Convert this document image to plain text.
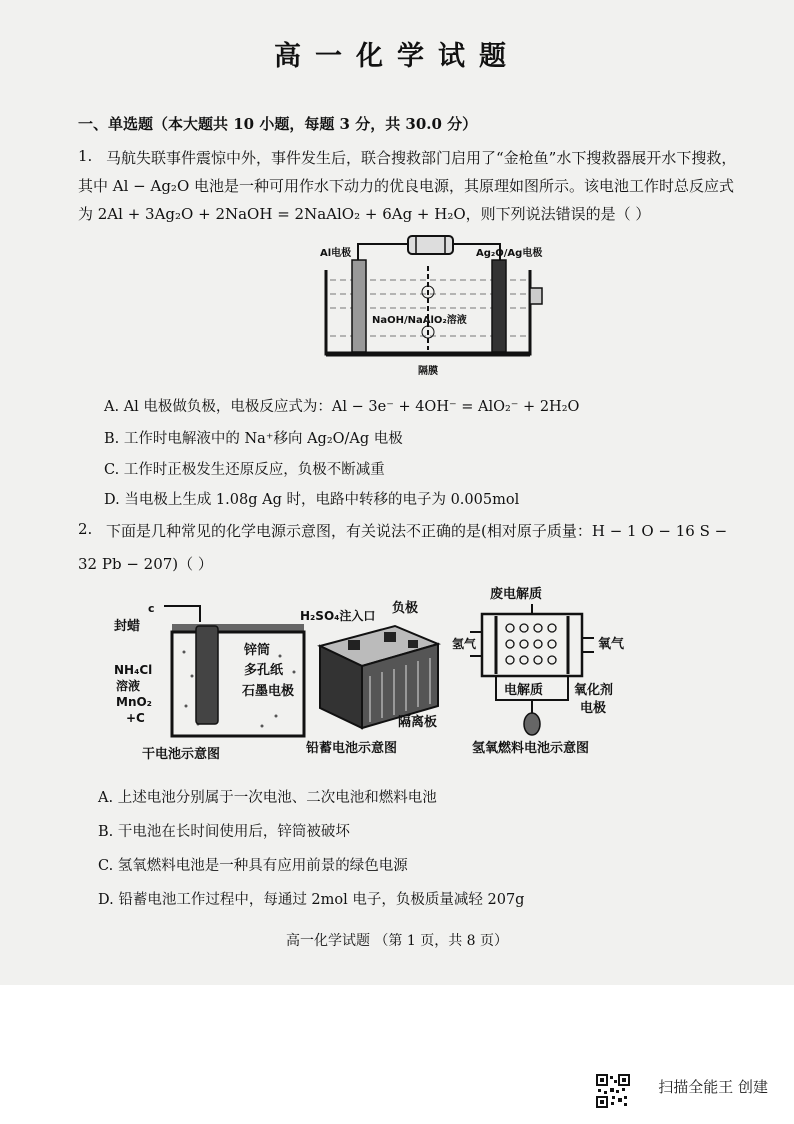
高一化学试题
一、单选题（本大题共 10 小题，每题 3 分，共 30.0 分）
1. 马航失联事件震惊中外，事件发生后，联合搜救部门启用了“金枪鱼”水下搜救器展开水下搜救，
其中 Al − Ag₂O 电池是一种可用作水下动力的优良电源，其原理如图所示。该电池工作时总反应式
为 2Al + 3Ag₂O + 2NaOH = 2NaAlO₂ + 6Ag + H₂O，则下列说法错误的是（ ）
Al电极	Ag₂O/Ag电极
NaOH/NaAlO₂溶液
隔膜
A. Al 电极做负极，电极反应式为：Al − 3e⁻ + 4OH⁻ = AlO₂⁻ + 2H₂O
B. 工作时电解液中的 Na⁺移向 Ag₂O/Ag 电极
C. 工作时正极发生还原反应，负极不断减重
D. 当电极上生成 1.08g Ag 时，电路中转移的电子为 0.005mol
2. 下面是几种常见的化学电源示意图，有关说法不正确的是(相对原子质量：H − 1 O − 16 S −
32 Pb − 207)（ ）
c
封蜡
锌筒
多孔纸
NH₄Cl
溶液
MnO₂
+C
石墨电极
干电池示意图
H₂SO₄注入口 负极
隔离板
铅蓄电池示意图
废电解质
氢气	氧气
电解质 氧化剂
电极
氢氧燃料电池示意图
A. 上述电池分别属于一次电池、二次电池和燃料电池
B. 干电池在长时间使用后，锌筒被破坏
C. 氢氧燃料电池是一种具有应用前景的绿色电源
D. 铅蓄电池工作过程中，每通过 2mol 电子，负极质量减轻 207g
高一化学试题 （第 1 页，共 8 页）
扫描全能王 创建
